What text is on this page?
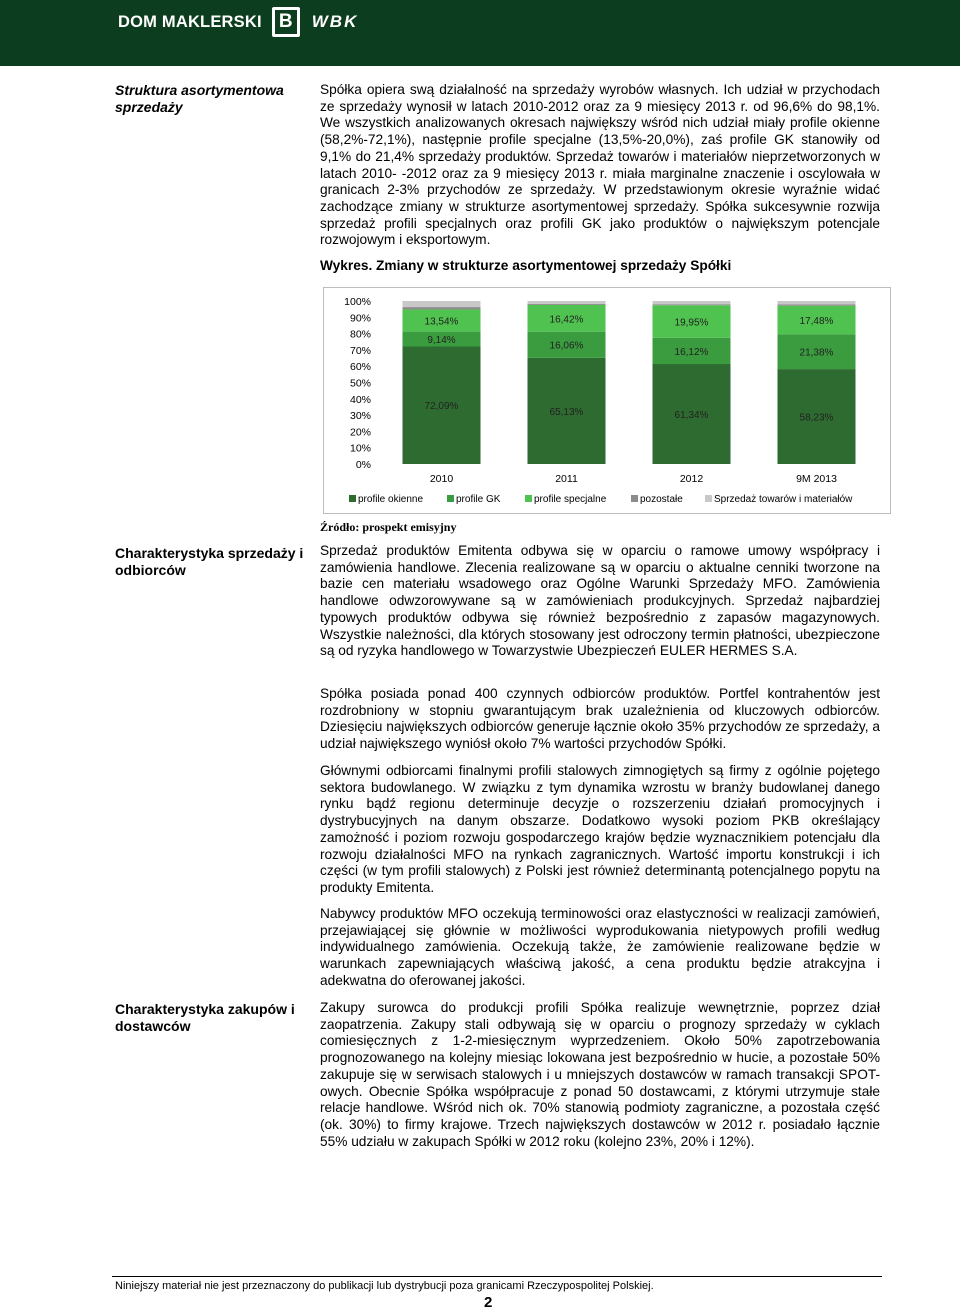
DOM MAKLERSKI B	WBK
Struktura asortymentowa sprzedaży
Spółka opiera swą działalność na sprzedaży wyrobów własnych. Ich udział w przychodach ze sprzedaży wynosił w latach 2010-2012 oraz za 9 miesięcy 2013 r. od 96,6% do 98,1%. We wszystkich analizowanych okresach największy wśród nich udział miały profile okienne (58,2%-72,1%), następnie profile specjalne (13,5%-20,0%), zaś profile GK stanowiły od 9,1% do 21,4% sprzedaży produktów. Sprzedaż towarów i materiałów nieprzetworzonych w latach 2010- -2012 oraz za 9 miesięcy 2013 r. miała marginalne znaczenie i oscylowała w granicach 2-3% przychodów ze sprzedaży. W przedstawionym okresie wyraźnie widać zachodzące zmiany w strukturze asortymentowej sprzedaży. Spółka sukcesywnie rozwija sprzedaż profili specjalnych oraz profili GK jako produktów o największym potencjale rozwojowym i eksportowym.
Wykres. Zmiany w strukturze asortymentowej sprzedaży Spółki
0%
10%
20%
30%
40%
50%
60%
70%
80%
90%
100%
72,09%
9,14%
13,54%
2010
65,13%
16,06%
16,42%
2011
61,34%
16,12%
19,95%
2012
58,23%
21,38%
17,48%
9M 2013
profile okienne	profile GK	profile specjalne	pozostałe	Sprzedaż towarów i materiałów
Źródło: prospekt emisyjny
Charakterystyka sprzedaży i odbiorców
Sprzedaż produktów Emitenta odbywa się w oparciu o ramowe umowy współpracy i zamówienia handlowe. Zlecenia realizowane są w oparciu o aktualne cenniki tworzone na bazie cen materiału wsadowego oraz Ogólne Warunki Sprzedaży MFO. Zamówienia handlowe odwzorowywane są w zamówieniach produkcyjnych. Sprzedaż najbardziej typowych produktów odbywa się również bezpośrednio z zapasów magazynowych. Wszystkie należności, dla których stosowany jest odroczony termin płatności, ubezpieczone są od ryzyka handlowego w Towarzystwie Ubezpieczeń EULER HERMES S.A.
Spółka posiada ponad 400 czynnych odbiorców produktów. Portfel kontrahentów jest rozdrobniony w stopniu gwarantującym brak uzależnienia od kluczowych odbiorców. Dziesięciu największych odbiorców generuje łącznie około 35% przychodów ze sprzedaży, a udział największego wyniósł około 7% wartości przychodów Spółki.
Głównymi odbiorcami finalnymi profili stalowych zimnogiętych są firmy z ogólnie pojętego sektora budowlanego. W związku z tym dynamika wzrostu w branży budowlanej danego rynku bądź regionu determinuje decyzje o rozszerzeniu działań promocyjnych i dystrybucyjnych na danym obszarze. Dodatkowo wysoki poziom PKB określający zamożność i poziom rozwoju gospodarczego krajów będzie wyznacznikiem potencjału dla rozwoju działalności MFO na rynkach zagranicznych. Wartość importu konstrukcji i ich części (w tym profili stalowych) z Polski jest również determinantą potencjalnego popytu na produkty Emitenta.
Nabywcy produktów MFO oczekują terminowości oraz elastyczności w realizacji zamówień, przejawiającej się głównie w możliwości wyprodukowania nietypowych profili według indywidualnego zamówienia. Oczekują także, że zamówienie realizowane będzie w warunkach zapewniających właściwą jakość, a cena produktu będzie atrakcyjna i adekwatna do oferowanej jakości.
Charakterystyka zakupów i dostawców
Zakupy surowca do produkcji profili Spółka realizuje wewnętrznie, poprzez dział zaopatrzenia. Zakupy stali odbywają się w oparciu o prognozy sprzedaży w cyklach comiesięcznych z 1-2-miesięcznym wyprzedzeniem. Około 50% zapotrzebowania prognozowanego na kolejny miesiąc lokowana jest bezpośrednio w hucie, a pozostałe 50% zakupuje się w serwisach stalowych i u mniejszych dostawców w ramach transakcji SPOT-owych. Obecnie Spółka współpracuje z ponad 50 dostawcami, z którymi utrzymuje stałe relacje handlowe. Wśród nich ok. 70% stanowią podmioty zagraniczne, a pozostała część (ok. 30%) to firmy krajowe. Trzech największych dostawców w 2012 r. posiadało łącznie 55% udziału w zakupach Spółki w 2012 roku (kolejno 23%, 20% i 12%).
Niniejszy materiał nie jest przeznaczony do publikacji lub dystrybucji poza granicami Rzeczypospolitej Polskiej.
2
